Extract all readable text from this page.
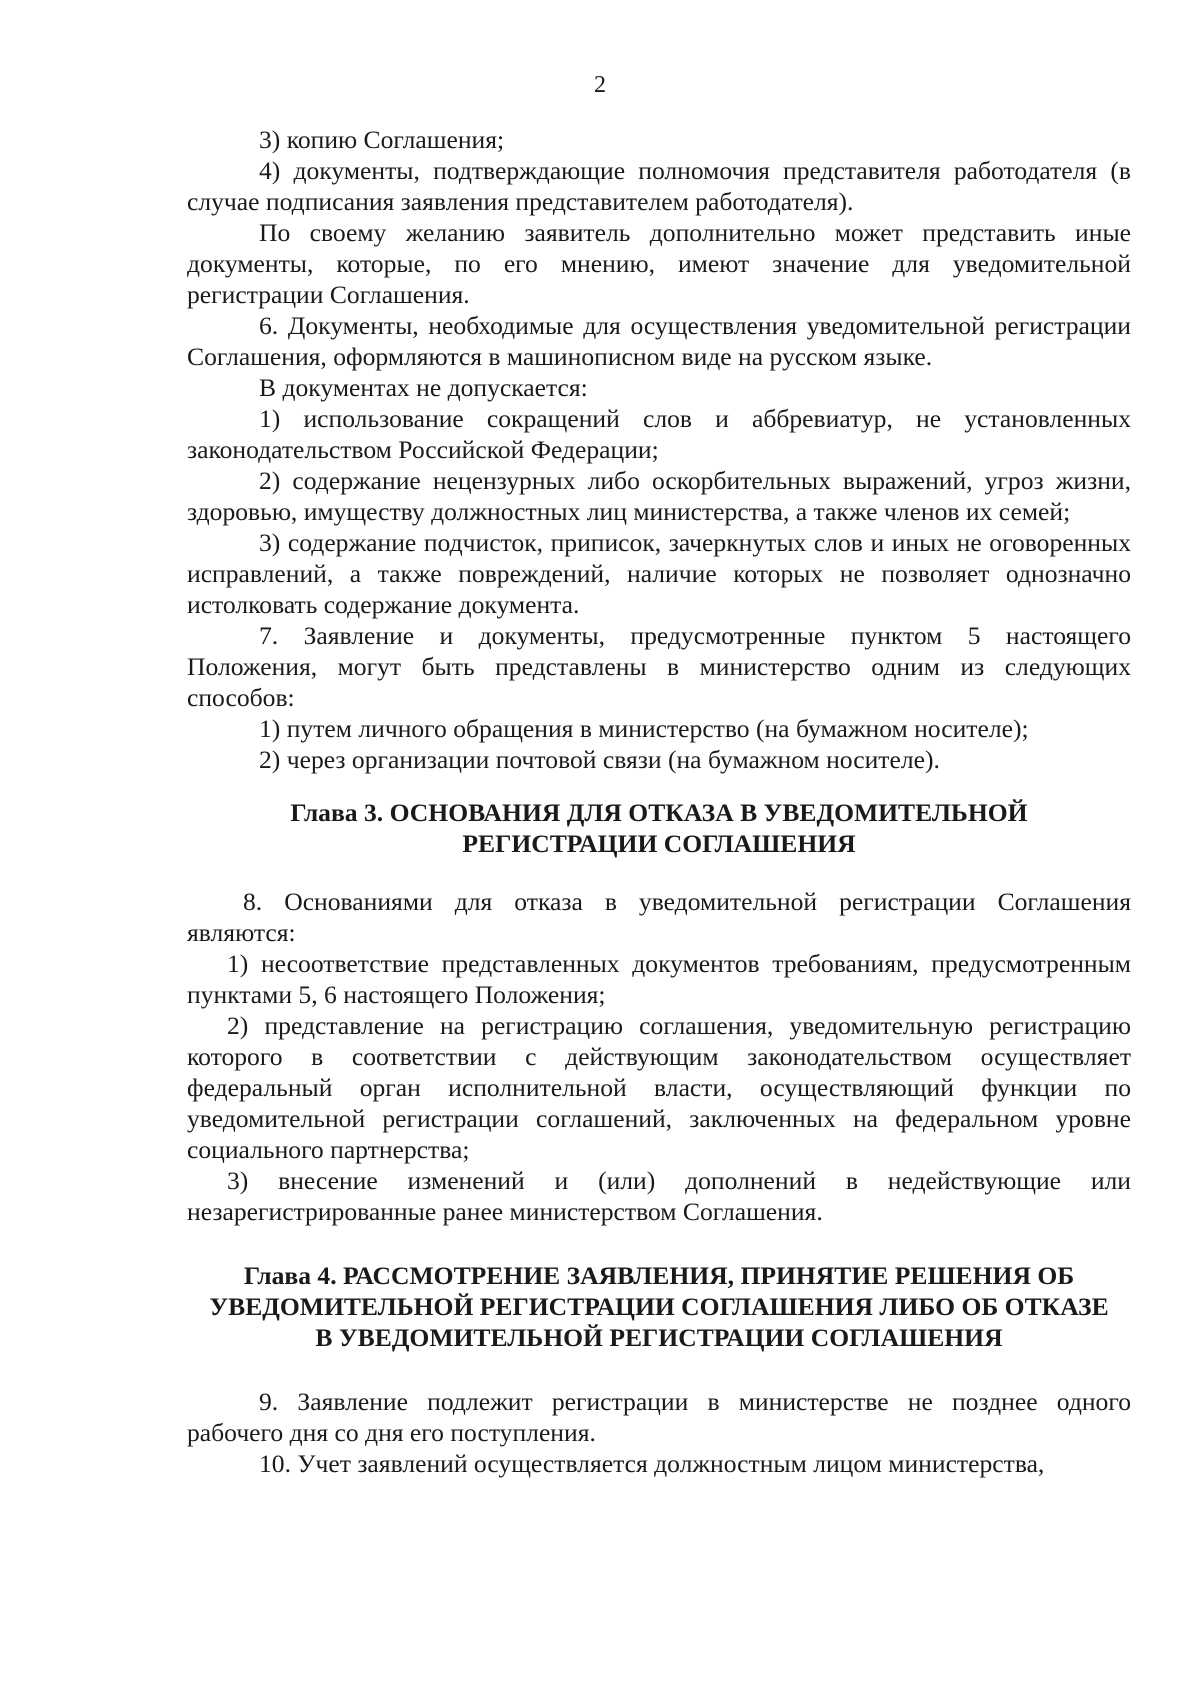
2

3) копию Соглашения;

4) документы, подтверждающие полномочия представителя работодателя (в случае подписания заявления представителем работодателя).

По своему желанию заявитель дополнительно может представить иные документы, которые, по его мнению, имеют значение для уведомительной регистрации Соглашения.

6. Документы, необходимые для осуществления уведомительной регистрации Соглашения, оформляются в машинописном виде на русском языке.

В документах не допускается:

1) использование сокращений слов и аббревиатур, не установленных законодательством Российской Федерации;

2) содержание нецензурных либо оскорбительных выражений, угроз жизни, здоровью, имуществу должностных лиц министерства, а также членов их семей;

3) содержание подчисток, приписок, зачеркнутых слов и иных не оговоренных исправлений, а также повреждений, наличие которых не позволяет однозначно истолковать содержание документа.

7. Заявление и документы, предусмотренные пунктом 5 настоящего Положения, могут быть представлены в министерство одним из следующих способов:

1) путем личного обращения в министерство (на бумажном носителе);

2) через организации почтовой связи (на бумажном носителе).

Глава 3. ОСНОВАНИЯ ДЛЯ ОТКАЗА В УВЕДОМИТЕЛЬНОЙ
РЕГИСТРАЦИИ СОГЛАШЕНИЯ

8. Основаниями для отказа в уведомительной регистрации Соглашения являются:

1) несоответствие представленных документов требованиям, предусмотренным пунктами 5, 6 настоящего Положения;

2) представление на регистрацию соглашения, уведомительную регистрацию которого в соответствии с действующим законодательством осуществляет федеральный орган исполнительной власти, осуществляющий функции по уведомительной регистрации соглашений, заключенных на федеральном уровне социального партнерства;

3) внесение изменений и (или) дополнений в недействующие или незарегистрированные ранее министерством Соглашения.

Глава 4. РАССМОТРЕНИЕ ЗАЯВЛЕНИЯ, ПРИНЯТИЕ РЕШЕНИЯ ОБ
УВЕДОМИТЕЛЬНОЙ РЕГИСТРАЦИИ СОГЛАШЕНИЯ ЛИБО ОБ ОТКАЗЕ
В УВЕДОМИТЕЛЬНОЙ РЕГИСТРАЦИИ СОГЛАШЕНИЯ

9. Заявление подлежит регистрации в министерстве не позднее одного рабочего дня со дня его поступления.

10. Учет заявлений осуществляется должностным лицом министерства,
